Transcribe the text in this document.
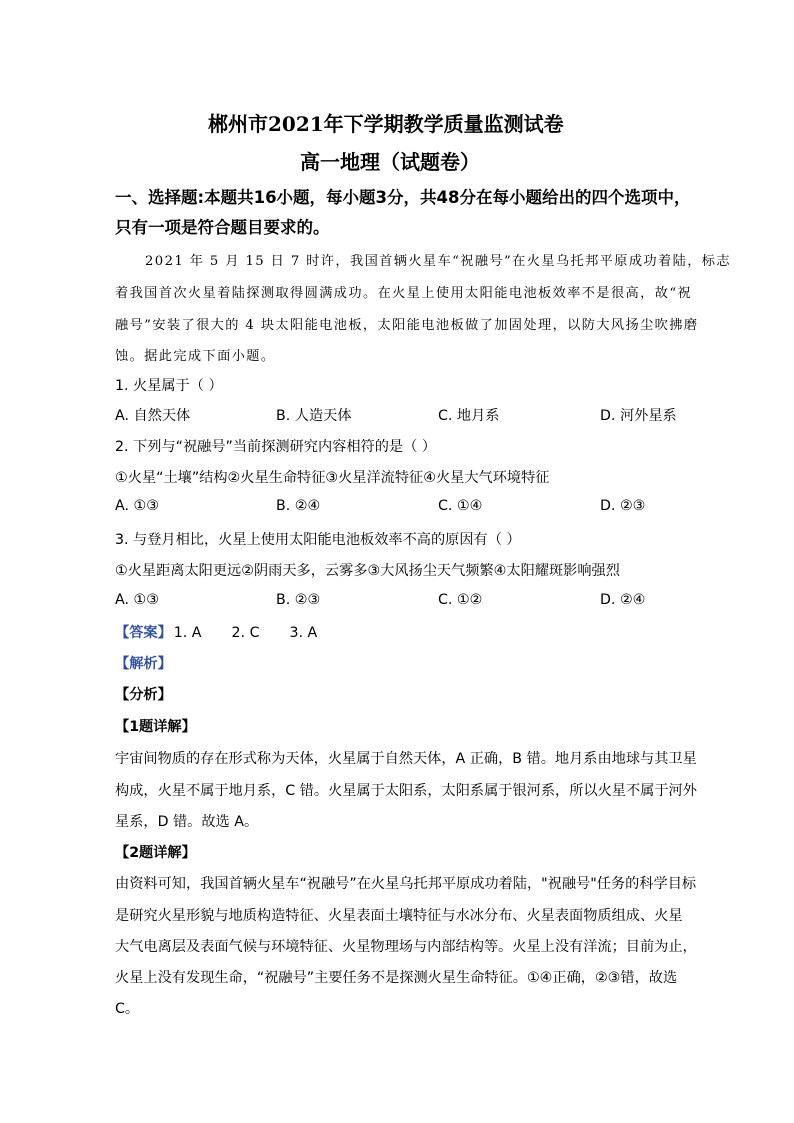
郴州市2021年下学期教学质量监测试卷
高一地理（试题卷）
一、选择题:本题共16小题，每小题3分，共48分在每小题给出的四个选项中，
只有一项是符合题目要求的。
2021 年 5 月 15 日 7 时许，我国首辆火星车“祝融号”在火星乌托邦平原成功着陆，标志
着我国首次火星着陆探测取得圆满成功。在火星上使用太阳能电池板效率不是很高，故“祝
融号”安装了很大的 4 块太阳能电池板，太阳能电池板做了加固处理，以防大风扬尘吹拂磨
蚀。据此完成下面小题。
1. 火星属于（ ）
A. 自然天体	B. 人造天体	C. 地月系	D. 河外星系
2. 下列与“祝融号”当前探测研究内容相符的是（ ）
①火星“土壤”结构②火星生命特征③火星洋流特征④火星大气环境特征
A. ①③	B. ②④	C. ①④	D. ②③
3. 与登月相比，火星上使用太阳能电池板效率不高的原因有（ ）
①火星距离太阳更远②阴雨天多，云雾多③大风扬尘天气频繁④太阳耀斑影响强烈
A. ①③	B. ②③	C. ①②	D. ②④
【答案】 1. A 2. C 3. A
【解析】
【分析】
【1题详解】
宇宙间物质的存在形式称为天体，火星属于自然天体，A 正确，B 错。地月系由地球与其卫星
构成，火星不属于地月系，C 错。火星属于太阳系，太阳系属于银河系，所以火星不属于河外
星系，D 错。故选 A。
【2题详解】
由资料可知，我国首辆火星车“祝融号”在火星乌托邦平原成功着陆，"祝融号"任务的科学目标
是研究火星形貌与地质构造特征、火星表面土壤特征与水冰分布、火星表面物质组成、火星
大气电离层及表面气候与环境特征、火星物理场与内部结构等。火星上没有洋流；目前为止，
火星上没有发现生命，“祝融号”主要任务不是探测火星生命特征。①④正确，②③错，故选
C。
